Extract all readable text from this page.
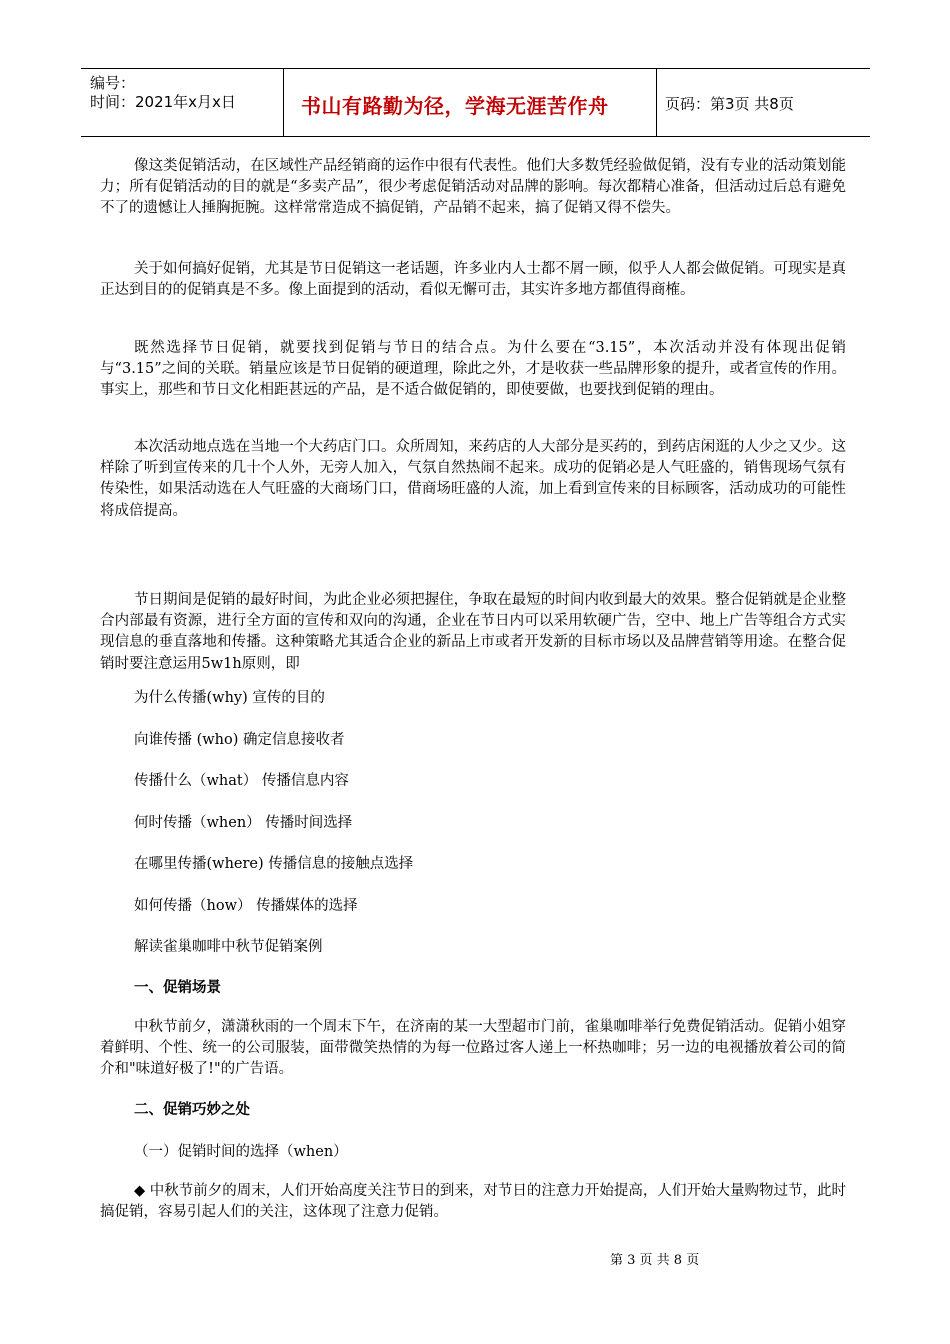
编号：
时间：2021年x月x日	书山有路勤为径，学海无涯苦作舟	页码：第3页 共8页

像这类促销活动，在区域性产品经销商的运作中很有代表性。他们大多数凭经验做促销，没有专业的活动策划能力；所有促销活动的目的就是“多卖产品”，很少考虑促销活动对品牌的影响。每次都精心准备，但活动过后总有避免不了的遗憾让人捶胸扼腕。这样常常造成不搞促销，产品销不起来，搞了促销又得不偿失。

关于如何搞好促销，尤其是节日促销这一老话题，许多业内人士都不屑一顾，似乎人人都会做促销。可现实是真正达到目的的促销真是不多。像上面提到的活动，看似无懈可击，其实许多地方都值得商榷。

既然选择节日促销，就要找到促销与节日的结合点。为什么要在“3.15”，本次活动并没有体现出促销与“3.15”之间的关联。销量应该是节日促销的硬道理，除此之外，才是收获一些品牌形象的提升，或者宣传的作用。事实上，那些和节日文化相距甚远的产品，是不适合做促销的，即使要做，也要找到促销的理由。

本次活动地点选在当地一个大药店门口。众所周知，来药店的人大部分是买药的，到药店闲逛的人少之又少。这样除了听到宣传来的几十个人外，无旁人加入，气氛自然热闹不起来。成功的促销必是人气旺盛的，销售现场气氛有传染性，如果活动选在人气旺盛的大商场门口，借商场旺盛的人流，加上看到宣传来的目标顾客，活动成功的可能性将成倍提高。

节日期间是促销的最好时间，为此企业必须把握住，争取在最短的时间内收到最大的效果。整合促销就是企业整合内部最有资源，进行全方面的宣传和双向的沟通，企业在节日内可以采用软硬广告，空中、地上广告等组合方式实现信息的垂直落地和传播。这种策略尤其适合企业的新品上市或者开发新的目标市场以及品牌营销等用途。在整合促销时要注意运用5w1h原则，即

为什么传播(why) 宣传的目的
向谁传播 (who) 确定信息接收者
传播什么（what） 传播信息内容
何时传播（when） 传播时间选择
在哪里传播(where) 传播信息的接触点选择
如何传播（how） 传播媒体的选择
解读雀巢咖啡中秋节促销案例
一、促销场景

中秋节前夕，潇潇秋雨的一个周末下午，在济南的某一大型超市门前，雀巢咖啡举行免费促销活动。促销小姐穿着鲜明、个性、统一的公司服装，面带微笑热情的为每一位路过客人递上一杯热咖啡；另一边的电视播放着公司的简介和"味道好极了!"的广告语。

二、促销巧妙之处
（一）促销时间的选择（when）

◆ 中秋节前夕的周末，人们开始高度关注节日的到来，对节日的注意力开始提高，人们开始大量购物过节，此时搞促销，容易引起人们的关注，这体现了注意力促销。

第 3 页 共 8 页
